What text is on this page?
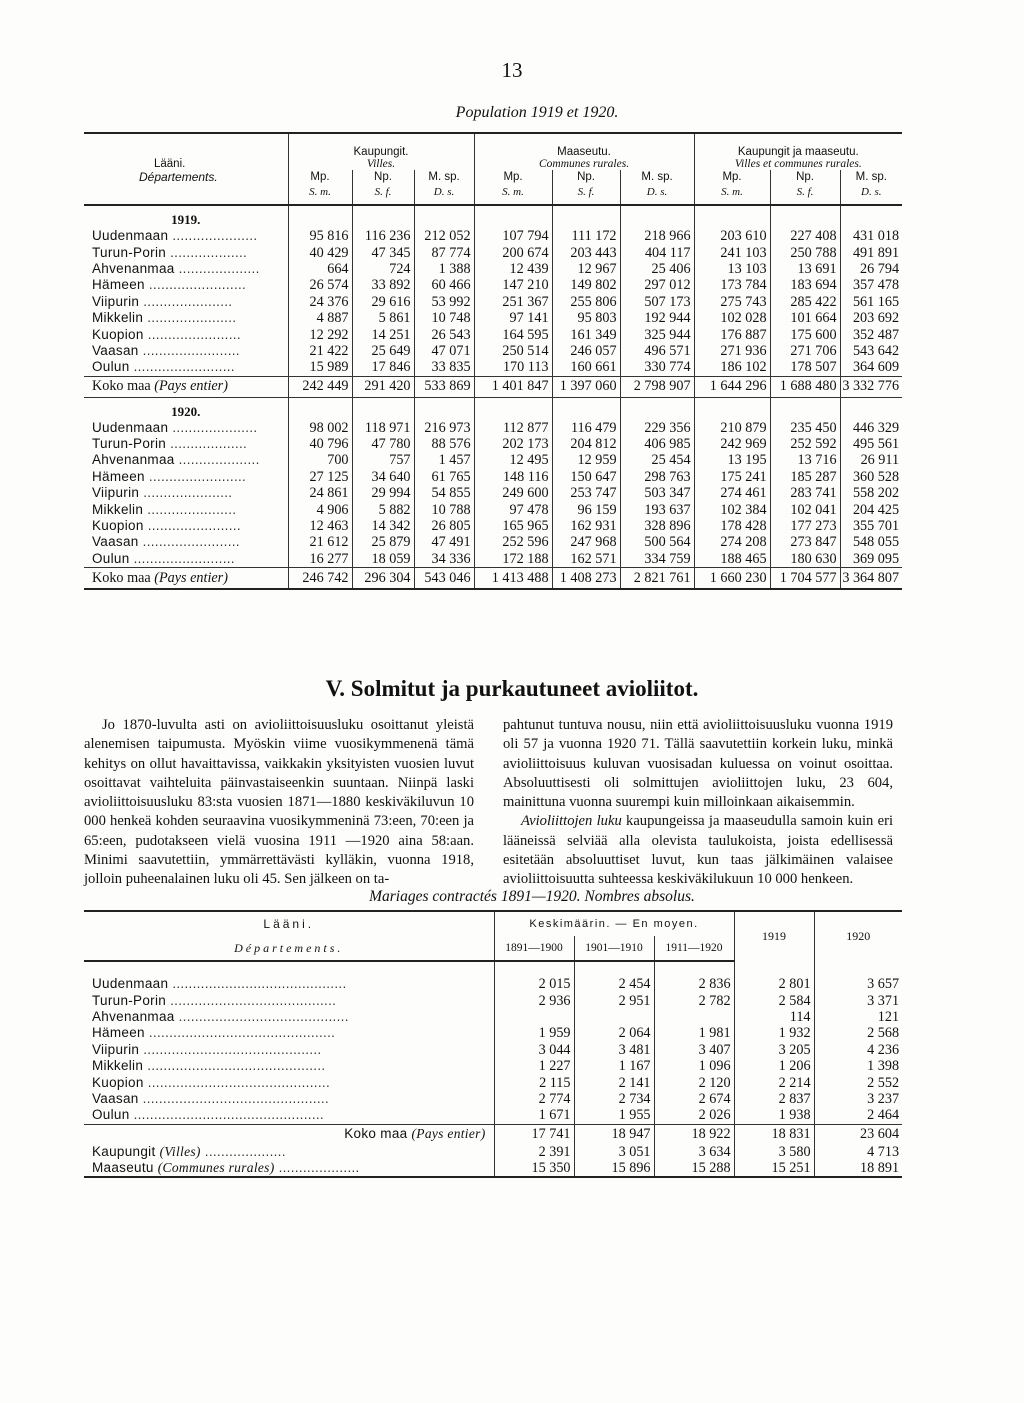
13
Population 1919 et 1920.
	Kaupungit.			Maaseutu.			Kaupungit ja maaseutu.		
Lääni.	Villes.			Communes rurales.			Villes et communes rurales.		
Départements.	Mp.	Np.	M. sp.	Mp.	Np.	M. sp.	Mp.	Np.	M. sp.
	S. m.	S. f.	D. s.	S. m.	S. f.	D. s.	S. m.	S. f.	D. s.
1919.									
Uudenmaan .....................	95 816	116 236	212 052	107 794	111 172	218 966	203 610	227 408	431 018
Turun-Porin ...................	40 429	47 345	87 774	200 674	203 443	404 117	241 103	250 788	491 891
Ahvenanmaa ....................	664	724	1 388	12 439	12 967	25 406	13 103	13 691	26 794
Hämeen ........................	26 574	33 892	60 466	147 210	149 802	297 012	173 784	183 694	357 478
Viipurin ......................	24 376	29 616	53 992	251 367	255 806	507 173	275 743	285 422	561 165
Mikkelin ......................	4 887	5 861	10 748	97 141	95 803	192 944	102 028	101 664	203 692
Kuopion .......................	12 292	14 251	26 543	164 595	161 349	325 944	176 887	175 600	352 487
Vaasan ........................	21 422	25 649	47 071	250 514	246 057	496 571	271 936	271 706	543 642
Oulun .........................	15 989	17 846	33 835	170 113	160 661	330 774	186 102	178 507	364 609
Koko maa (Pays entier)	242 449	291 420	533 869	1 401 847	1 397 060	2 798 907	1 644 296	1 688 480	3 332 776
1920.									
Uudenmaan .....................	98 002	118 971	216 973	112 877	116 479	229 356	210 879	235 450	446 329
Turun-Porin ...................	40 796	47 780	88 576	202 173	204 812	406 985	242 969	252 592	495 561
Ahvenanmaa ....................	700	757	1 457	12 495	12 959	25 454	13 195	13 716	26 911
Hämeen ........................	27 125	34 640	61 765	148 116	150 647	298 763	175 241	185 287	360 528
Viipurin ......................	24 861	29 994	54 855	249 600	253 747	503 347	274 461	283 741	558 202
Mikkelin ......................	4 906	5 882	10 788	97 478	96 159	193 637	102 384	102 041	204 425
Kuopion .......................	12 463	14 342	26 805	165 965	162 931	328 896	178 428	177 273	355 701
Vaasan ........................	21 612	25 879	47 491	252 596	247 968	500 564	274 208	273 847	548 055
Oulun .........................	16 277	18 059	34 336	172 188	162 571	334 759	188 465	180 630	369 095
Koko maa (Pays entier)	246 742	296 304	543 046	1 413 488	1 408 273	2 821 761	1 660 230	1 704 577	3 364 807
V. Solmitut ja purkautuneet avioliitot.

Jo 1870-luvulta asti on avioliittoisuusluku osoittanut yleistä alenemisen taipumusta. Myöskin viime vuosikymmenenä tämä kehitys on ollut havaittavissa, vaikkakin yksityisten vuosien luvut osoittavat vaihteluita päinvastaiseenkin suuntaan. Niinpä laski avioliittoisuusluku 83:sta vuosien 1871—1880 keskiväkiluvun 10 000 henkeä kohden seuraavina vuosikymmeninä 73:een, 70:een ja 65:een, pudotakseen vielä vuosina 1911 —1920 aina 58:aan. Minimi saavutettiin, ymmärrettävästi kylläkin, vuonna 1918, jolloin puheenalainen luku oli 45. Sen jälkeen on ta-

pahtunut tuntuva nousu, niin että avioliittoisuusluku vuonna 1919 oli 57 ja vuonna 1920 71. Tällä saavutettiin korkein luku, minkä avioliittoisuus kuluvan vuosisadan kuluessa on voinut osoittaa. Absoluuttisesti oli solmittujen avioliittojen luku, 23 604, mainittuna vuonna suurempi kuin milloinkaan aikaisemmin.

Avioliittojen luku kaupungeissa ja maaseudulla samoin kuin eri lääneissä selviää alla olevista taulukoista, joista edellisessä esitetään absoluuttiset luvut, kun taas jälkimäinen valaisee avioliittoisuutta suhteessa keskiväkilukuun 10 000 henkeen.

Mariages contractés 1891—1920. Nombres absolus.
Lääni.	Keskimäärin. — En moyen.			1919	1920
Départements.	1891—1900	1901—1910	1911—1920		
Uudenmaan ...........................................	2 015	2 454	2 836	2 801	3 657
Turun-Porin .........................................	2 936	2 951	2 782	2 584	3 371
Ahvenanmaa ..........................................				114	121
Hämeen ..............................................	1 959	2 064	1 981	1 932	2 568
Viipurin ............................................	3 044	3 481	3 407	3 205	4 236
Mikkelin ............................................	1 227	1 167	1 096	1 206	1 398
Kuopion .............................................	2 115	2 141	2 120	2 214	2 552
Vaasan ..............................................	2 774	2 734	2 674	2 837	3 237
Oulun ...............................................	1 671	1 955	2 026	1 938	2 464
Koko maa (Pays entier)	17 741	18 947	18 922	18 831	23 604
Kaupungit (Villes) ....................	2 391	3 051	3 634	3 580	4 713
Maaseutu (Communes rurales) ....................	15 350	15 896	15 288	15 251	18 891
